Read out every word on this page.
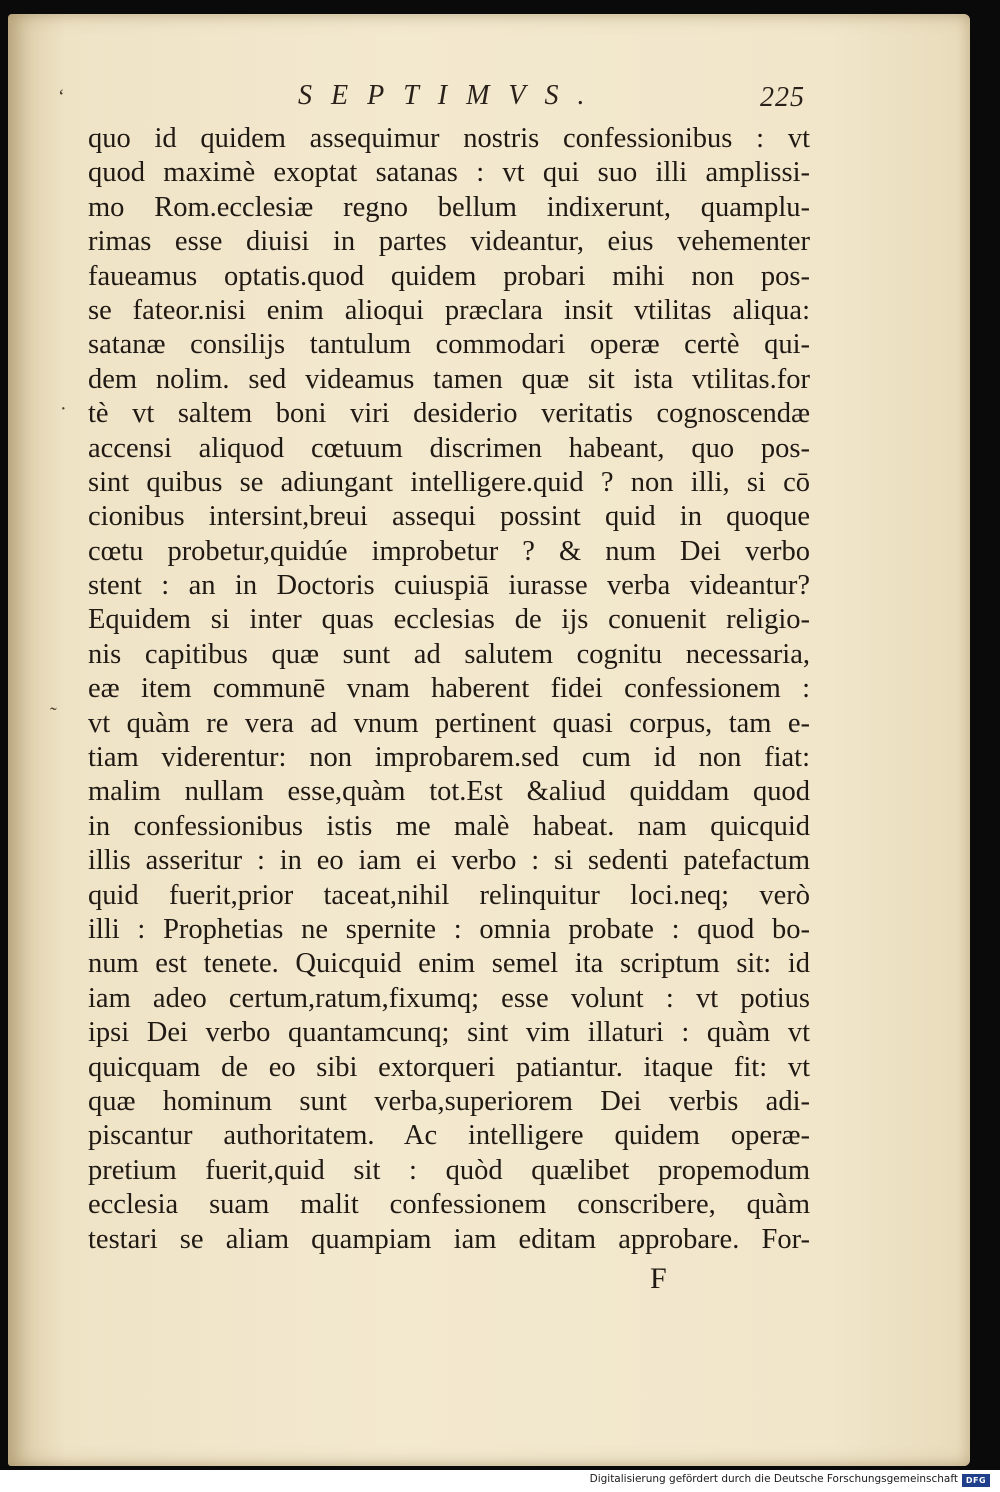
SEPTIMVS.	225
‘
˜
·
quo id quidem assequimur nostris confessionibus : vt
quod maximè exoptat satanas : vt qui suo illi amplissi-
mo Rom.ecclesiæ regno bellum indixerunt, quamplu-
rimas esse diuisi in partes videantur, eius vehementer
faueamus optatis.quod quidem probari mihi non pos-
se fateor.nisi enim alioqui præclara insit vtilitas aliqua:
satanæ consilijs tantulum commodari operæ certè qui-
dem nolim. sed videamus tamen quæ sit ista vtilitas.for
tè vt saltem boni viri desiderio veritatis cognoscendæ
accensi aliquod cœtuum discrimen habeant, quo pos-
sint quibus se adiungant intelligere.quid ? non illi, si cō
cionibus intersint,breui assequi possint quid in quoque
cœtu probetur,quidúe improbetur ? & num Dei verbo
stent : an in Doctoris cuiuspiā iurasse verba videantur?
Equidem si inter quas ecclesias de ijs conuenit religio-
nis capitibus quæ sunt ad salutem cognitu necessaria,
eæ item communē vnam haberent fidei confessionem :
vt quàm re vera ad vnum pertinent quasi corpus, tam e-
tiam viderentur: non improbarem.sed cum id non fiat:
malim nullam esse,quàm tot.Est &aliud quiddam quod
in confessionibus istis me malè habeat. nam quicquid
illis asseritur : in eo iam ei verbo : si sedenti patefactum
quid fuerit,prior taceat,nihil relinquitur loci.neq; verò
illi : Prophetias ne spernite : omnia probate : quod bo-
num est tenete. Quicquid enim semel ita scriptum sit: id
iam adeo certum,ratum,fixumq; esse volunt : vt potius
ipsi Dei verbo quantamcunq; sint vim illaturi : quàm vt
quicquam de eo sibi extorqueri patiantur. itaque fit: vt
quæ hominum sunt verba,superiorem Dei verbis adi-
piscantur authoritatem. Ac intelligere quidem operæ-
pretium fuerit,quid sit : quòd quælibet propemodum
ecclesia suam malit confessionem conscribere, quàm
testari se aliam quampiam iam editam approbare. For-
F
Digitalisierung gefördert durch die Deutsche Forschungsgemeinschaft DFG
